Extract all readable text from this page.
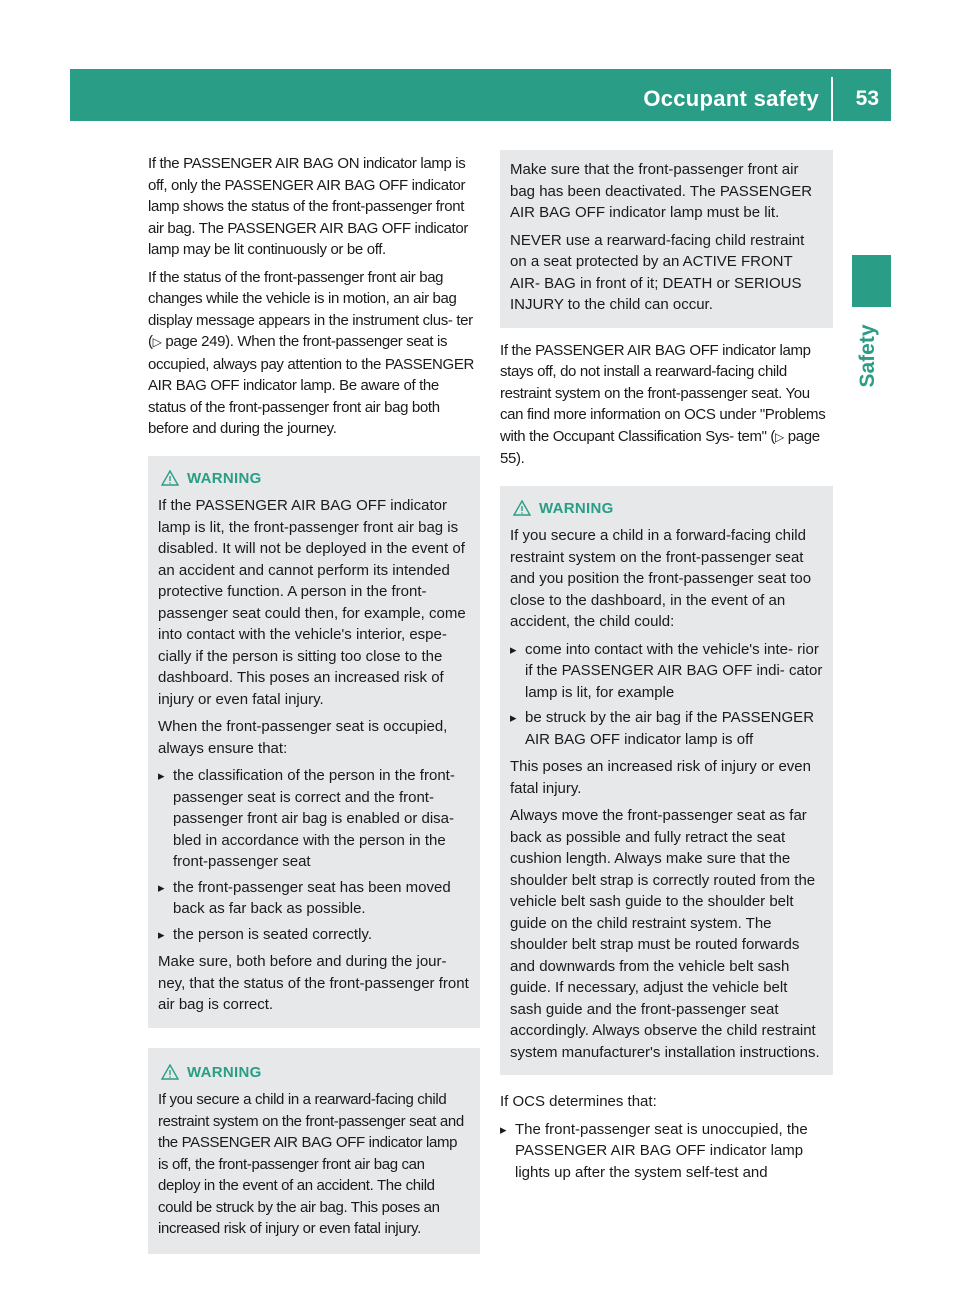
Occupant safety 53
Safety

If the PASSENGER AIR BAG ON indicator lamp is off, only the PASSENGER AIR BAG OFF indicator lamp shows the status of the front-passenger front air bag. The PASSENGER AIR BAG OFF indicator lamp may be lit continuously or be off.

If the status of the front-passenger front air bag changes while the vehicle is in motion, an air bag display message appears in the instrument clus- ter (▷ page 249). When the front-passenger seat is occupied, always pay attention to the PASSENGER AIR BAG OFF indicator lamp. Be aware of the status of the front-passenger front air bag both before and during the journey.

WARNING

If the PASSENGER AIR BAG OFF indicator lamp is lit, the front-passenger front air bag is disabled. It will not be deployed in the event of an accident and cannot perform its intended protective function. A person in the front- passenger seat could then, for example, come into contact with the vehicle's interior, espe- cially if the person is sitting too close to the dashboard. This poses an increased risk of injury or even fatal injury.

When the front-passenger seat is occupied, always ensure that:

▸ the classification of the person in the front- passenger seat is correct and the front- passenger front air bag is enabled or disa- bled in accordance with the person in the front-passenger seat
▸ the front-passenger seat has been moved back as far back as possible.
▸ the person is seated correctly.

Make sure, both before and during the jour- ney, that the status of the front-passenger front air bag is correct.

WARNING

If you secure a child in a rearward-facing child restraint system on the front-passenger seat and the PASSENGER AIR BAG OFF indicator lamp is off, the front-passenger front air bag can deploy in the event of an accident. The child could be struck by the air bag. This poses an increased risk of injury or even fatal injury.

Make sure that the front-passenger front air bag has been deactivated. The PASSENGER AIR BAG OFF indicator lamp must be lit.

NEVER use a rearward-facing child restraint on a seat protected by an ACTIVE FRONT AIR- BAG in front of it; DEATH or SERIOUS INJURY to the child can occur.

If the PASSENGER AIR BAG OFF indicator lamp stays off, do not install a rearward-facing child restraint system on the front-passenger seat. You can find more information on OCS under "Problems with the Occupant Classification Sys- tem" (▷ page 55).

WARNING

If you secure a child in a forward-facing child restraint system on the front-passenger seat and you position the front-passenger seat too close to the dashboard, in the event of an accident, the child could:

▸ come into contact with the vehicle's inte- rior if the PASSENGER AIR BAG OFF indi- cator lamp is lit, for example
▸ be struck by the air bag if the PASSENGER AIR BAG OFF indicator lamp is off

This poses an increased risk of injury or even fatal injury.

Always move the front-passenger seat as far back as possible and fully retract the seat cushion length. Always make sure that the shoulder belt strap is correctly routed from the vehicle belt sash guide to the shoulder belt guide on the child restraint system. The shoulder belt strap must be routed forwards and downwards from the vehicle belt sash guide. If necessary, adjust the vehicle belt sash guide and the front-passenger seat accordingly. Always observe the child restraint system manufacturer's installation instructions.

If OCS determines that:

▸ The front-passenger seat is unoccupied, the PASSENGER AIR BAG OFF indicator lamp lights up after the system self-test and
